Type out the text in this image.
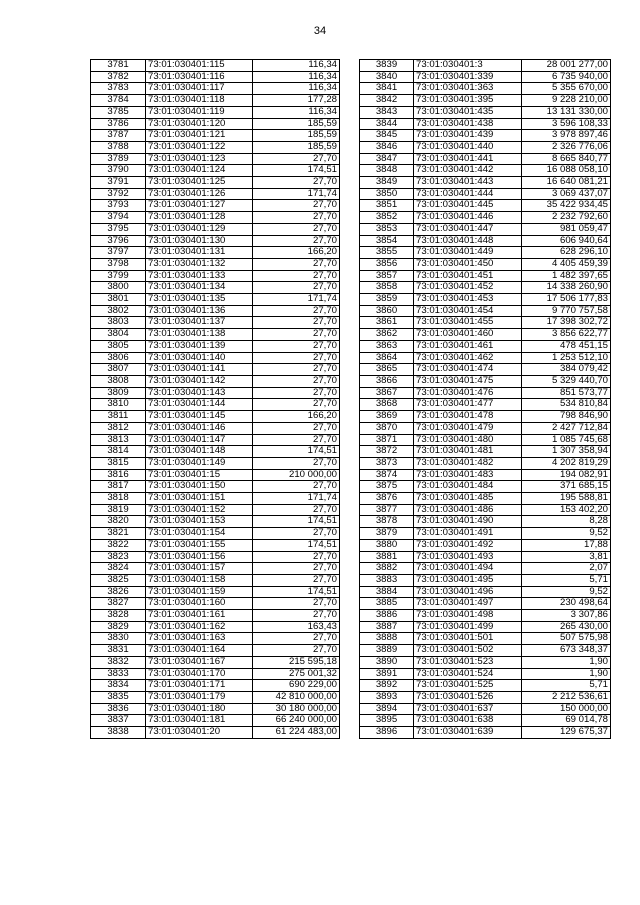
34
3781	73:01:030401:115	116,34
3782	73:01:030401:116	116,34
3783	73:01:030401:117	116,34
3784	73:01:030401:118	177,28
3785	73:01:030401:119	116,34
3786	73:01:030401:120	185,59
3787	73:01:030401:121	185,59
3788	73:01:030401:122	185,59
3789	73:01:030401:123	27,70
3790	73:01:030401:124	174,51
3791	73:01:030401:125	27,70
3792	73:01:030401:126	171,74
3793	73:01:030401:127	27,70
3794	73:01:030401:128	27,70
3795	73:01:030401:129	27,70
3796	73:01:030401:130	27,70
3797	73:01:030401:131	166,20
3798	73:01:030401:132	27,70
3799	73:01:030401:133	27,70
3800	73:01:030401:134	27,70
3801	73:01:030401:135	171,74
3802	73:01:030401:136	27,70
3803	73:01:030401:137	27,70
3804	73:01:030401:138	27,70
3805	73:01:030401:139	27,70
3806	73:01:030401:140	27,70
3807	73:01:030401:141	27,70
3808	73:01:030401:142	27,70
3809	73:01:030401:143	27,70
3810	73:01:030401:144	27,70
3811	73:01:030401:145	166,20
3812	73:01:030401:146	27,70
3813	73:01:030401:147	27,70
3814	73:01:030401:148	174,51
3815	73:01:030401:149	27,70
3816	73:01:030401:15	210 000,00
3817	73:01:030401:150	27,70
3818	73:01:030401:151	171,74
3819	73:01:030401:152	27,70
3820	73:01:030401:153	174,51
3821	73:01:030401:154	27,70
3822	73:01:030401:155	174,51
3823	73:01:030401:156	27,70
3824	73:01:030401:157	27,70
3825	73:01:030401:158	27,70
3826	73:01:030401:159	174,51
3827	73:01:030401:160	27,70
3828	73:01:030401:161	27,70
3829	73:01:030401:162	163,43
3830	73:01:030401:163	27,70
3831	73:01:030401:164	27,70
3832	73:01:030401:167	215 595,18
3833	73:01:030401:170	275 001,32
3834	73:01:030401:171	690 229,00
3835	73:01:030401:179	42 810 000,00
3836	73:01:030401:180	30 180 000,00
3837	73:01:030401:181	66 240 000,00
3838	73:01:030401:20	61 224 483,00
3839	73:01:030401:3	28 001 277,00
3840	73:01:030401:339	6 735 940,00
3841	73:01:030401:363	5 355 670,00
3842	73:01:030401:395	9 228 210,00
3843	73:01:030401:435	13 131 330,00
3844	73:01:030401:438	3 596 108,33
3845	73:01:030401:439	3 978 897,46
3846	73:01:030401:440	2 326 776,06
3847	73:01:030401:441	8 665 840,77
3848	73:01:030401:442	16 088 058,10
3849	73:01:030401:443	16 640 081,21
3850	73:01:030401:444	3 069 437,07
3851	73:01:030401:445	35 422 934,45
3852	73:01:030401:446	2 232 792,60
3853	73:01:030401:447	981 059,47
3854	73:01:030401:448	606 940,64
3855	73:01:030401:449	628 296,10
3856	73:01:030401:450	4 405 459,39
3857	73:01:030401:451	1 482 397,65
3858	73:01:030401:452	14 338 260,90
3859	73:01:030401:453	17 506 177,83
3860	73:01:030401:454	9 770 757,58
3861	73:01:030401:455	17 398 302,72
3862	73:01:030401:460	3 856 622,77
3863	73:01:030401:461	478 451,15
3864	73:01:030401:462	1 253 512,10
3865	73:01:030401:474	384 079,42
3866	73:01:030401:475	5 329 440,70
3867	73:01:030401:476	851 573,77
3868	73:01:030401:477	534 810,84
3869	73:01:030401:478	798 846,90
3870	73:01:030401:479	2 427 712,84
3871	73:01:030401:480	1 085 745,68
3872	73:01:030401:481	1 307 358,94
3873	73:01:030401:482	4 202 819,29
3874	73:01:030401:483	194 082,91
3875	73:01:030401:484	371 685,15
3876	73:01:030401:485	195 588,81
3877	73:01:030401:486	153 402,20
3878	73:01:030401:490	8,28
3879	73:01:030401:491	9,52
3880	73:01:030401:492	17,88
3881	73:01:030401:493	3,81
3882	73:01:030401:494	2,07
3883	73:01:030401:495	5,71
3884	73:01:030401:496	9,52
3885	73:01:030401:497	230 498,64
3886	73:01:030401:498	3 307,86
3887	73:01:030401:499	265 430,00
3888	73:01:030401:501	507 575,98
3889	73:01:030401:502	673 348,37
3890	73:01:030401:523	1,90
3891	73:01:030401:524	1,90
3892	73:01:030401:525	5,71
3893	73:01:030401:526	2 212 536,61
3894	73:01:030401:637	150 000,00
3895	73:01:030401:638	69 014,78
3896	73:01:030401:639	129 675,37
